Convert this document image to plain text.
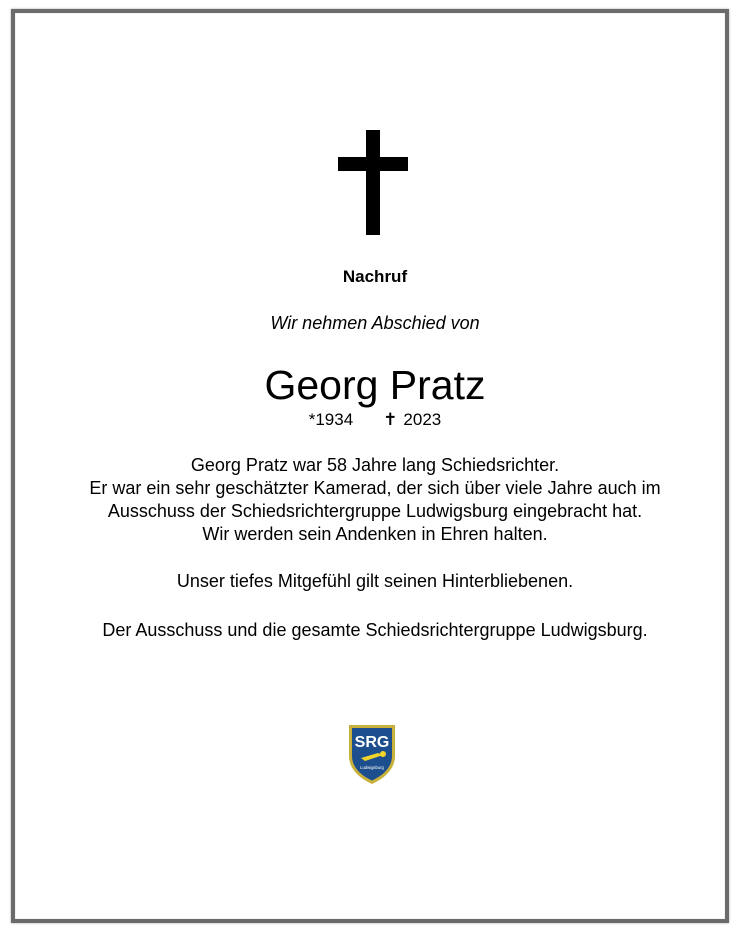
Nachruf
Wir nehmen Abschied von
Georg Pratz
*1934 ✝ 2023
Georg Pratz war 58 Jahre lang Schiedsrichter.
Er war ein sehr geschätzter Kamerad, der sich über viele Jahre auch im
Ausschuss der Schiedsrichtergruppe Ludwigsburg eingebracht hat.
Wir werden sein Andenken in Ehren halten.
Unser tiefes Mitgefühl gilt seinen Hinterbliebenen.
Der Ausschuss und die gesamte Schiedsrichtergruppe Ludwigsburg.
SRG
Ludwigsburg
